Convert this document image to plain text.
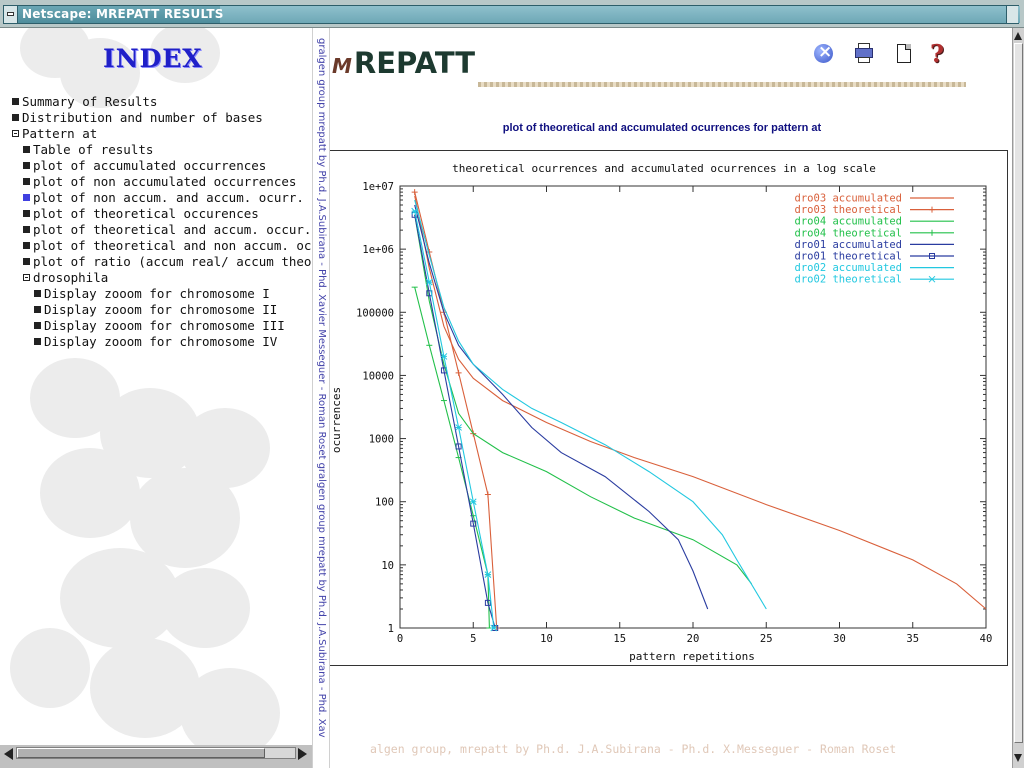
Netscape: MREPATT RESULTS
INDEX
Summary of Results
Distribution and number of bases
Pattern at
Table of results
plot of accumulated occurrences
plot of non accumulated occurrences
plot of non accum. and accum. ocurr.
plot of theoretical occurences
plot of theoretical and accum. occur.
plot of theoretical and non accum. oc
plot of ratio (accum real/ accum theo
drosophila
Display zooom for chromosome I
Display zooom for chromosome II
Display zooom for chromosome III
Display zooom for chromosome IV	gralgen group mrepatt by Ph.d. J.A.Subirana - Phd. Xavier Messeguer - Roman Roset gralgen group mrepatt by Ph.d. J.A.Subirana - Phd. Xav MREPATT
×	?
plot of theoretical and accumulated ocurrences for pattern at
theoretical ocurrences and accumulated ocurrences in a log scale
1
10
100
1000
10000
100000
1e+06
1e+07
0	5	10	15	20	25	30	35	40
dro03 accumulated
dro03 theoretical
dro04 accumulated
dro04 theoretical
dro01 accumulated
dro01 theoretical
dro02 accumulated
dro02 theoretical
pattern repetitions
ocurrences
algen group, mrepatt by Ph.d. J.A.Subirana - Ph.d. X.Messeguer - Roman Roset
